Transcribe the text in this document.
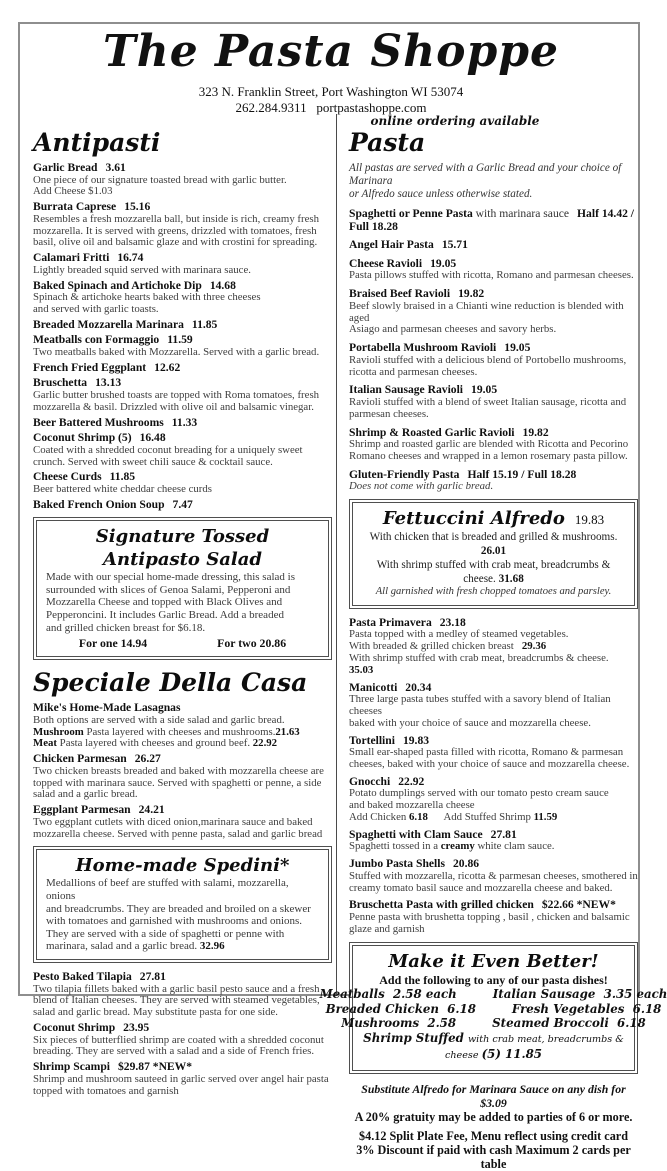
The Pasta Shoppe
323 N. Franklin Street, Port Washington WI 53074
262.284.9311   portpastashoppe.com
online ordering available
Antipasti
Garlic Bread 3.61
One piece of our signature toasted bread with garlic butter.
Add Cheese $1.03
Burrata Caprese 15.16
Resembles a fresh mozzarella ball, but inside is rich, creamy fresh
mozzarella. It is served with greens, drizzled with tomatoes, fresh
basil, olive oil and balsamic glaze and with crostini for spreading.
Calamari Fritti 16.74
Lightly breaded squid served with marinara sauce.
Baked Spinach and Artichoke Dip 14.68
Spinach & artichoke hearts baked with three cheeses
and served with garlic toasts.
Breaded Mozzarella Marinara 11.85
Meatballs con Formaggio 11.59
Two meatballs baked with Mozzarella. Served with a garlic bread.
French Fried Eggplant 12.62
Bruschetta 13.13
Garlic butter brushed toasts are topped with Roma tomatoes, fresh
mozzarella & basil. Drizzled with olive oil and balsamic vinegar.
Beer Battered Mushrooms 11.33
Coconut Shrimp (5) 16.48
Coated with a shredded coconut breading for a uniquely sweet
crunch. Served with sweet chili sauce & cocktail sauce.
Cheese Curds 11.85
Beer battered white cheddar cheese curds
Baked French Onion Soup 7.47
Signature Tossed Antipasto Salad
Made with our special home-made dressing, this salad is
surrounded with slices of Genoa Salami, Pepperoni and
Mozzarella Cheese and topped with Black Olives and
Pepperoncini. It includes Garlic Bread. Add a breaded
and grilled chicken breast for $6.18.
For one 14.94	For two 20.86
Speciale Della Casa
Mike's Home-Made Lasagnas
Both options are served with a side salad and garlic bread.
Mushroom Pasta layered with cheeses and mushrooms.21.63
Meat Pasta layered with cheeses and ground beef. 22.92
Chicken Parmesan 26.27
Two chicken breasts breaded and baked with mozzarella cheese are
topped with marinara sauce. Served with spaghetti or penne, a side
salad and a garlic bread.
Eggplant Parmesan 24.21
Two eggplant cutlets with diced onion,marinara sauce and baked
mozzarella cheese. Served with penne pasta, salad and garlic bread
Home-made Spedini*
Medallions of beef are stuffed with salami, mozzarella, onions
and breadcrumbs. They are breaded and broiled on a skewer
with tomatoes and garnished with mushrooms and onions.
They are served with a side of spaghetti or penne with
marinara, salad and a garlic bread. 32.96
Pesto Baked Tilapia 27.81
Two tilapia fillets baked with a garlic basil pesto sauce and a fresh
blend of Italian cheeses. They are served with steamed vegetables,
salad and garlic bread. May substitute pasta for one side.
Coconut Shrimp 23.95
Six pieces of butterflied shrimp are coated with a shredded coconut
breading. They are served with a salad and a side of French fries.
Shrimp Scampi $29.87 *NEW*
Shrimp and mushroom sauteed in garlic served over angel hair pasta
topped with tomatoes and garnish
Pasta
All pastas are served with a Garlic Bread and your choice of Marinara
or Alfredo sauce unless otherwise stated.
Spaghetti or Penne Pasta with marinara sauce Half 14.42 / Full 18.28
Angel Hair Pasta 15.71
Cheese Ravioli 19.05
Pasta pillows stuffed with ricotta, Romano and parmesan cheeses.
Braised Beef Ravioli 19.82
Beef slowly braised in a Chianti wine reduction is blended with aged
Asiago and parmesan cheeses and savory herbs.
Portabella Mushroom Ravioli 19.05
Ravioli stuffed with a delicious blend of Portobello mushrooms,
ricotta and parmesan cheeses.
Italian Sausage Ravioli 19.05
Ravioli stuffed with a blend of sweet Italian sausage, ricotta and
parmesan cheeses.
Shrimp & Roasted Garlic Ravioli 19.82
Shrimp and roasted garlic are blended with Ricotta and Pecorino
Romano cheeses and wrapped in a lemon rosemary pasta pillow.
Gluten-Friendly Pasta Half 15.19 / Full 18.28
Does not come with garlic bread.
Fettuccini Alfredo 19.83
With chicken that is breaded and grilled & mushrooms. 26.01
With shrimp stuffed with crab meat, breadcrumbs & cheese. 31.68
All garnished with fresh chopped tomatoes and parsley.
Pasta Primavera 23.18
Pasta topped with a medley of steamed vegetables.
With breaded & grilled chicken breast   29.36
With shrimp stuffed with crab meat, breadcrumbs & cheese.  35.03
Manicotti 20.34
Three large pasta tubes stuffed with a savory blend of Italian cheeses
baked with your choice of sauce and mozzarella cheese.
Tortellini 19.83
Small ear-shaped pasta filled with ricotta, Romano & parmesan
cheeses, baked with your choice of sauce and mozzarella cheese.
Gnocchi 22.92
Potato dumplings served with our tomato pesto cream sauce
and baked mozzarella cheese
Add Chicken 6.18      Add Stuffed Shrimp 11.59
Spaghetti with Clam Sauce 27.81
Spaghetti tossed in a creamy white clam sauce.
Jumbo Pasta Shells 20.86
Stuffed with mozzarella, ricotta & parmesan cheeses, smothered in
creamy tomato basil sauce and mozzarella cheese and baked.
Bruschetta Pasta with grilled chicken $22.66 *NEW*
Penne pasta with brushetta topping , basil , chicken and balsamic
glaze and garnish
Make it Even Better!
Add the following to any of our pasta dishes!
Meatballs  2.58 each	Italian Sausage  3.35 each
Breaded Chicken  6.18	Fresh Vegetables  6.18
Mushrooms  2.58	Steamed Broccoli  6.18
Shrimp Stuffed with crab meat, breadcrumbs & cheese (5) 11.85
Substitute Alfredo for Marinara Sauce on any dish for $3.09
A 20% gratuity may be added to parties of 6 or more.
$4.12 Split Plate Fee, Menu reflect using credit card
3% Discount if paid with cash Maximum 2 cards per table
